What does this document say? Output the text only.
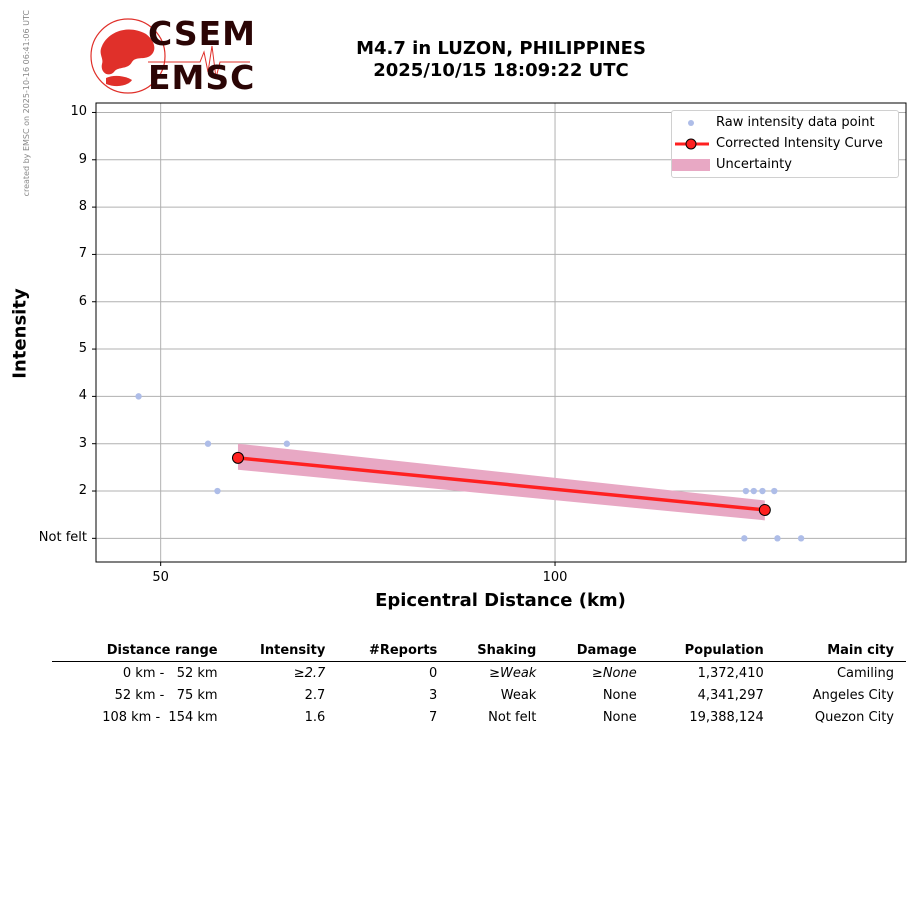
created by EMSC on 2025-10-16 06:41:06 UTC	CSEM
EMSC
M4.7 in LUZON, PHILIPPINES
2025/10/15 18:09:22 UTC
Not felt
2
3
4
5
6
7
8
9
10
50	100
Epicentral Distance (km)
Intensity
Raw intensity data point
Corrected Intensity Curve
Uncertainty
Distance range	Intensity	#Reports	Shaking	Damage	Population	Main city
0 km -   52 km	≥2.7	0	≥Weak	≥None	1,372,410	Camiling
52 km -   75 km	2.7	3	Weak	None	4,341,297	Angeles City
108 km -  154 km	1.6	7	Not felt	None	19,388,124	Quezon City
